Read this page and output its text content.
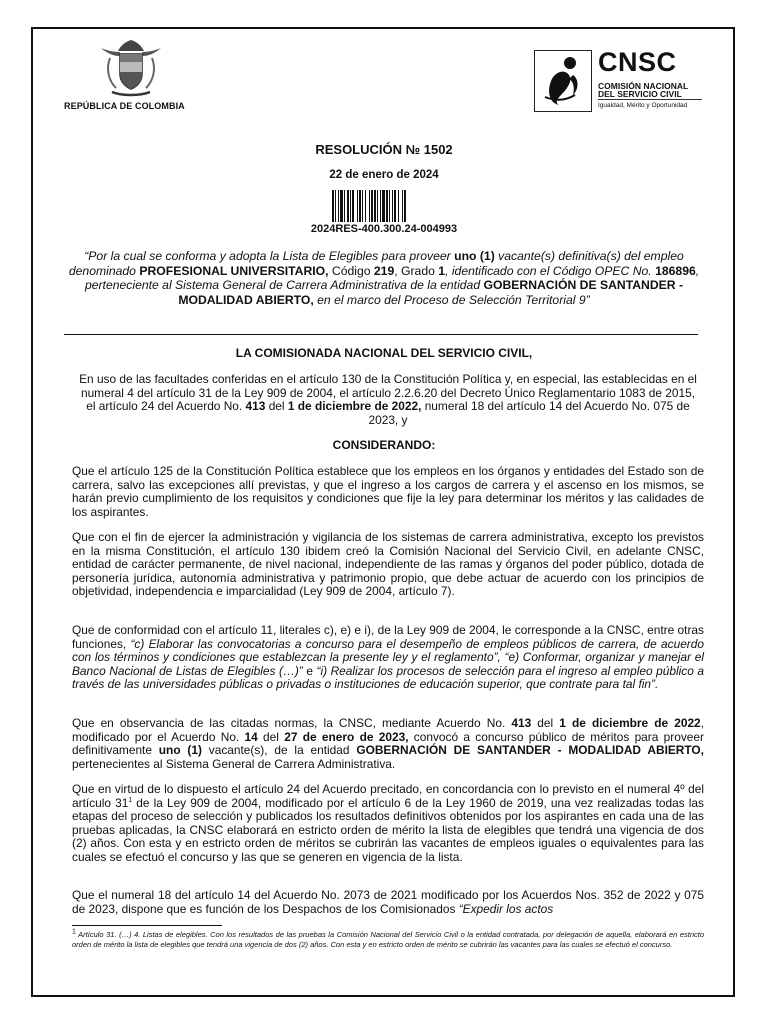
REPÚBLICA DE COLOMBIA
CNSC
COMISIÓN NACIONAL
DEL SERVICIO CIVIL
Igualdad, Mérito y Oportunidad
RESOLUCIÓN № 1502
22 de enero de 2024
2024RES-400.300.24-004993
“Por la cual se conforma y adopta la Lista de Elegibles para proveer uno (1) vacante(s) definitiva(s) del empleo denominado PROFESIONAL UNIVERSITARIO, Código 219, Grado 1, identificado con el Código OPEC No. 186896, perteneciente al Sistema General de Carrera Administrativa de la entidad GOBERNACIÓN DE SANTANDER - MODALIDAD ABIERTO, en el marco del Proceso de Selección Territorial 9”
LA COMISIONADA NACIONAL DEL SERVICIO CIVIL,
En uso de las facultades conferidas en el artículo 130 de la Constitución Política y, en especial, las establecidas en el numeral 4 del artículo 31 de la Ley 909 de 2004, el artículo 2.2.6.20 del Decreto Único Reglamentario 1083 de 2015, el artículo 24 del Acuerdo No. 413 del 1 de diciembre de 2022, numeral 18 del artículo 14 del Acuerdo No. 075 de 2023, y
CONSIDERANDO:
Que el artículo 125 de la Constitución Política establece que los empleos en los órganos y entidades del Estado son de carrera, salvo las excepciones allí previstas, y que el ingreso a los cargos de carrera y el ascenso en los mismos, se harán previo cumplimiento de los requisitos y condiciones que fije la ley para determinar los méritos y las calidades de los aspirantes.
Que con el fin de ejercer la administración y vigilancia de los sistemas de carrera administrativa, excepto los previstos en la misma Constitución, el artículo 130 ibidem creó la Comisión Nacional del Servicio Civil, en adelante CNSC, entidad de carácter permanente, de nivel nacional, independiente de las ramas y órganos del poder público, dotada de personería jurídica, autonomía administrativa y patrimonio propio, que debe actuar de acuerdo con los principios de objetividad, independencia e imparcialidad (Ley 909 de 2004, artículo 7).
Que de conformidad con el artículo 11, literales c), e) e i), de la Ley 909 de 2004, le corresponde a la CNSC, entre otras funciones, “c) Elaborar las convocatorias a concurso para el desempeño de empleos públicos de carrera, de acuerdo con los términos y condiciones que establezcan la presente ley y el reglamento”, “e) Conformar, organizar y manejar el Banco Nacional de Listas de Elegibles (…)” e “i) Realizar los procesos de selección para el ingreso al empleo público a través de las universidades públicas o privadas o instituciones de educación superior, que contrate para tal fin”.
Que en observancia de las citadas normas, la CNSC, mediante Acuerdo No. 413 del 1 de diciembre de 2022, modificado por el Acuerdo No. 14 del 27 de enero de 2023, convocó a concurso público de méritos para proveer definitivamente uno (1) vacante(s), de la entidad GOBERNACIÓN DE SANTANDER - MODALIDAD ABIERTO, pertenecientes al Sistema General de Carrera Administrativa.
Que en virtud de lo dispuesto el artículo 24 del Acuerdo precitado, en concordancia con lo previsto en el numeral 4º del artículo $31^1$ de la Ley 909 de 2004, modificado por el artículo 6 de la Ley 1960 de 2019, una vez realizadas todas las etapas del proceso de selección y publicados los resultados definitivos obtenidos por los aspirantes en cada una de las pruebas aplicadas, la CNSC elaborará en estricto orden de mérito la lista de elegibles que tendrá una vigencia de dos (2) años. Con esta y en estricto orden de méritos se cubrirán las vacantes de empleos iguales o equivalentes para las cuales se efectuó el concurso y las que se generen en vigencia de la lista.
Que el numeral 18 del artículo 14 del Acuerdo No. 2073 de 2021 modificado por los Acuerdos Nos. 352 de 2022 y 075 de 2023, dispone que es función de los Despachos de los Comisionados “Expedir los actos
$^1$ Artículo 31. (…) 4. Listas de elegibles. Con los resultados de las pruebas la Comisión Nacional del Servicio Civil o la entidad contratada, por delegación de aquella, elaborará en estricto orden de mérito la lista de elegibles que tendrá una vigencia de dos (2) años. Con esta y en estricto orden de mérito se cubrirán las vacantes para las cuales se efectuó el concurso.
